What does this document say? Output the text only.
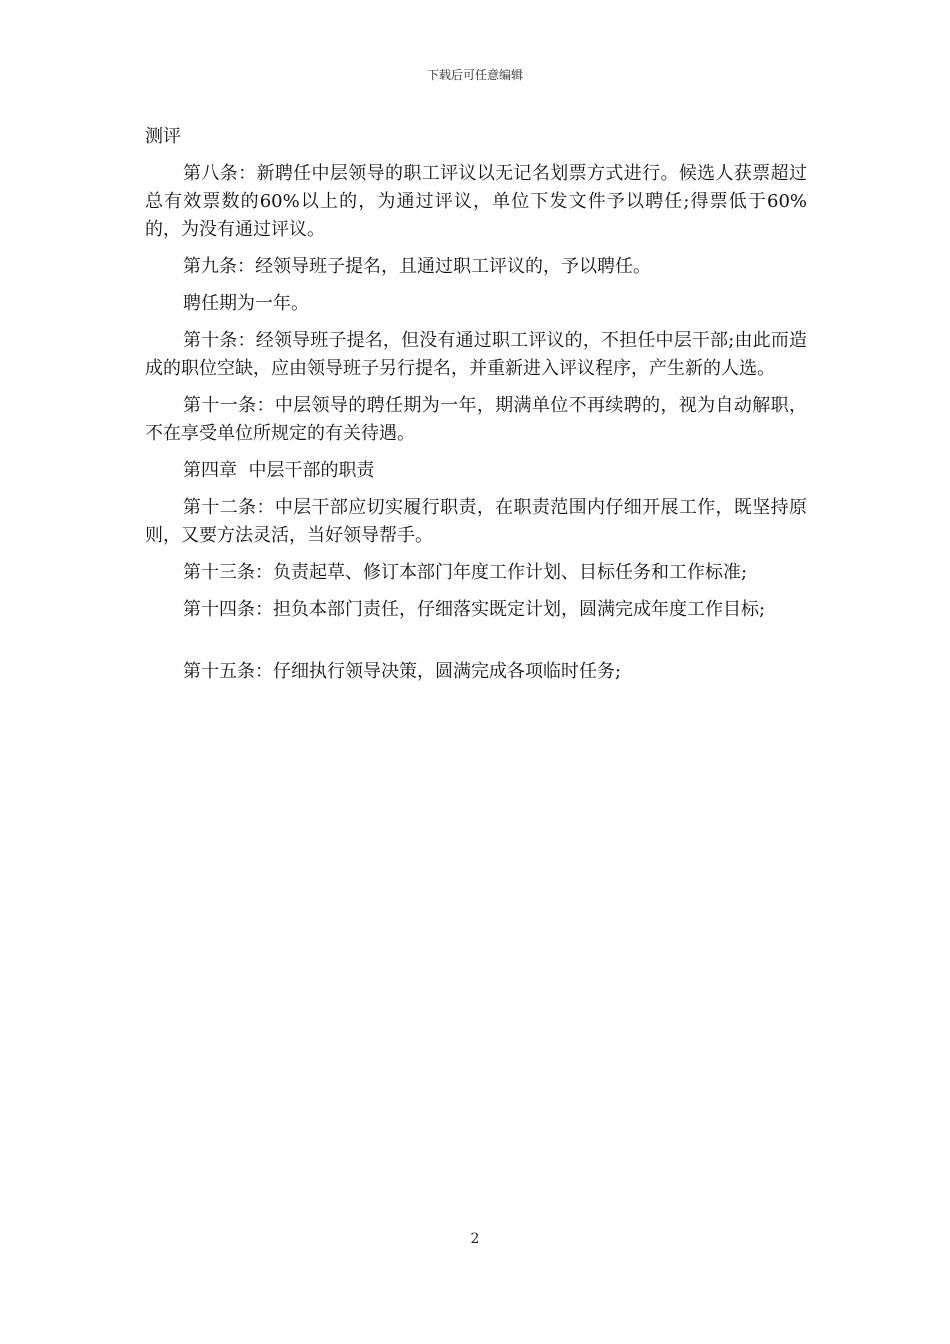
下载后可任意编辑

测评

第八条：新聘任中层领导的职工评议以无记名划票方式进行。候选人获票超过总有效票数的60%以上的，为通过评议，单位下发文件予以聘任;得票低于60%的，为没有通过评议。

第九条：经领导班子提名，且通过职工评议的，予以聘任。

聘任期为一年。

第十条：经领导班子提名，但没有通过职工评议的，不担任中层干部;由此而造成的职位空缺，应由领导班子另行提名，并重新进入评议程序，产生新的人选。

第十一条：中层领导的聘任期为一年，期满单位不再续聘的，视为自动解职，不在享受单位所规定的有关待遇。

第四章  中层干部的职责

第十二条：中层干部应切实履行职责，在职责范围内仔细开展工作，既坚持原则，又要方法灵活，当好领导帮手。

第十三条：负责起草、修订本部门年度工作计划、目标任务和工作标准;

第十四条：担负本部门责任，仔细落实既定计划，圆满完成年度工作目标;

第十五条：仔细执行领导决策，圆满完成各项临时任务;

2
